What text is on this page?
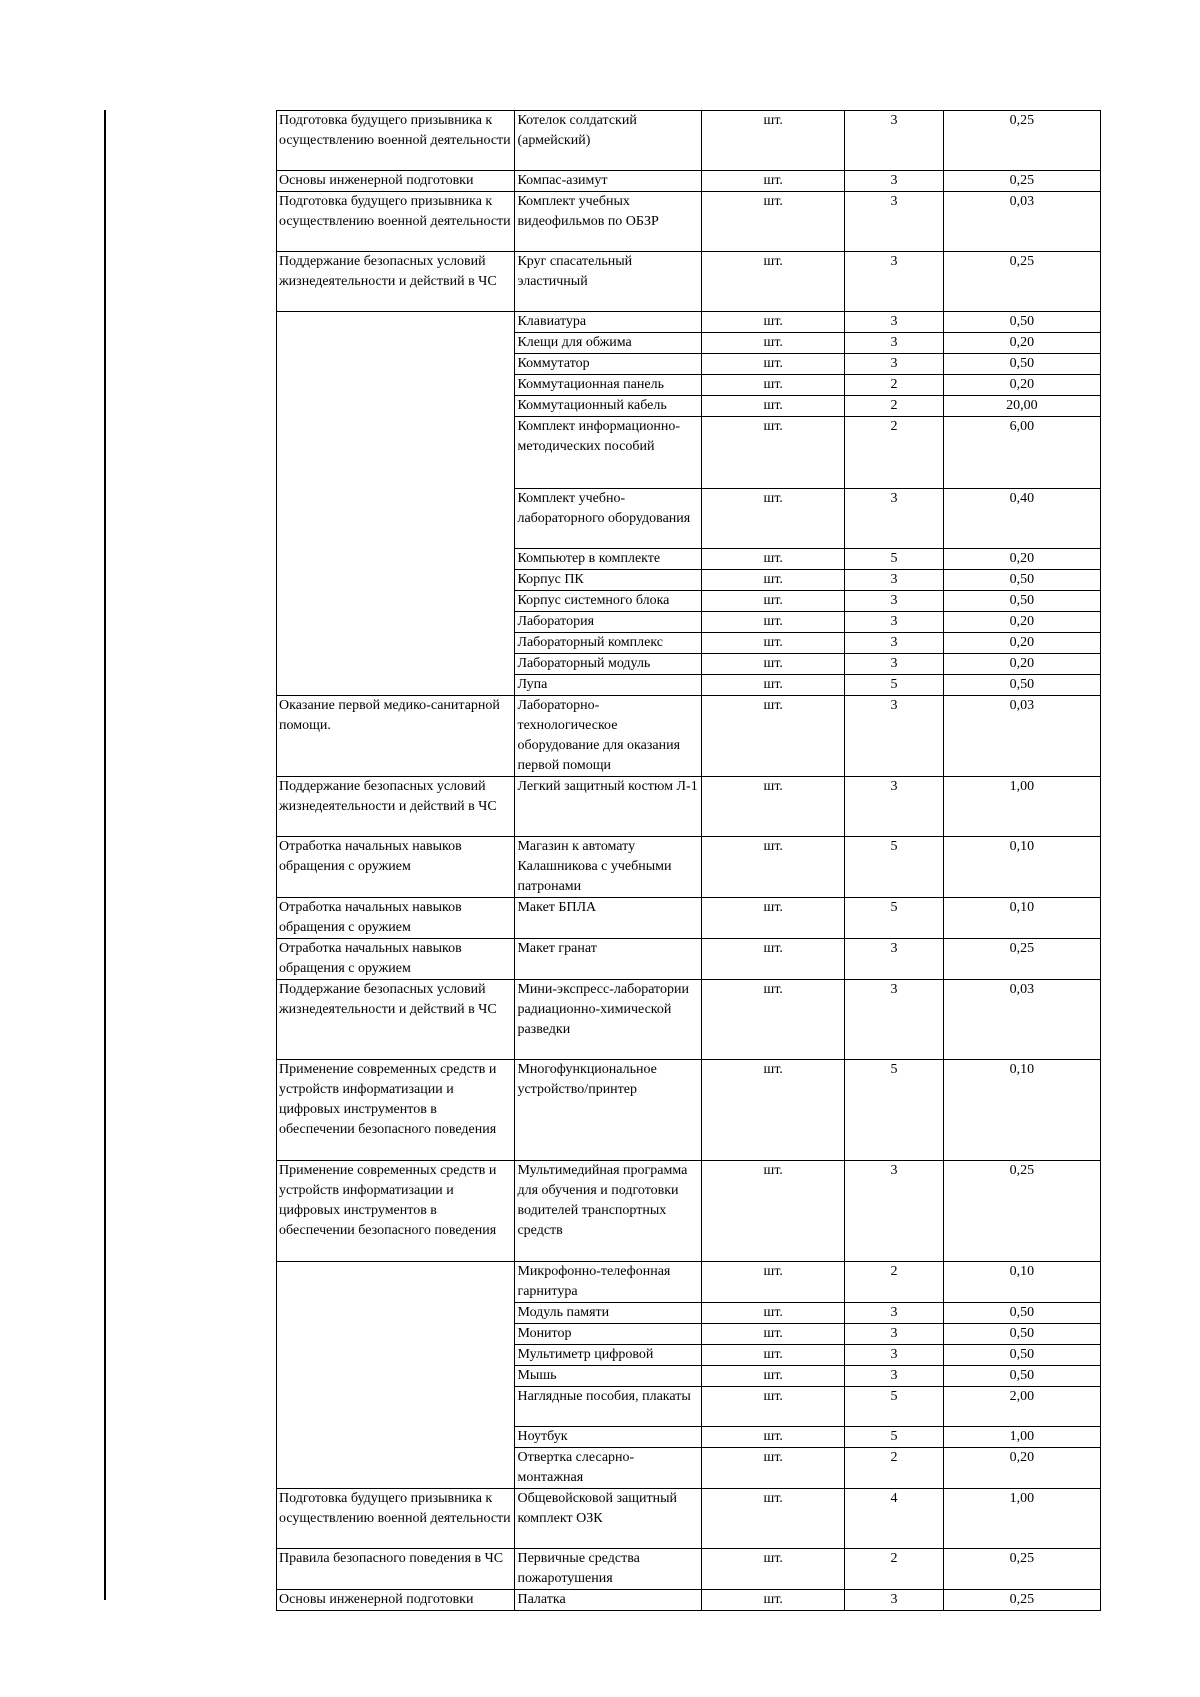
Подготовка будущего призывника к осуществлению военной деятельности	Котелок солдатский (армейский)	шт.	3	0,25
Основы инженерной подготовки	Компас-азимут	шт.	3	0,25
Подготовка будущего призывника к осуществлению военной деятельности	Комплект учебных видеофильмов по ОБЗР	шт.	3	0,03
Поддержание безопасных условий жизнедеятельности и действий в ЧС	Круг спасательный эластичный	шт.	3	0,25
	Клавиатура	шт.	3	0,50
	Клещи для обжима	шт.	3	0,20
	Коммутатор	шт.	3	0,50
	Коммутационная панель	шт.	2	0,20
	Коммутационный кабель	шт.	2	20,00
	Комплект информационно-методических пособий	шт.	2	6,00
	Комплект учебно-лабораторного оборудования	шт.	3	0,40
	Компьютер в комплекте	шт.	5	0,20
	Корпус ПК	шт.	3	0,50
	Корпус системного блока	шт.	3	0,50
	Лаборатория	шт.	3	0,20
	Лабораторный комплекс	шт.	3	0,20
	Лабораторный модуль	шт.	3	0,20
	Лупа	шт.	5	0,50
Оказание первой медико-санитарной помощи.	Лабораторно-технологическое оборудование для оказания первой помощи	шт.	3	0,03
Поддержание безопасных условий жизнедеятельности и действий в ЧС	Легкий защитный костюм Л-1	шт.	3	1,00
Отработка начальных навыков обращения с оружием	Магазин к автомату Калашникова с учебными патронами	шт.	5	0,10
Отработка начальных навыков обращения с оружием	Макет БПЛА	шт.	5	0,10
Отработка начальных навыков обращения с оружием	Макет гранат	шт.	3	0,25
Поддержание безопасных условий жизнедеятельности и действий в ЧС	Мини-экспресс-лаборатории радиационно-химической разведки	шт.	3	0,03
Применение современных средств и устройств информатизации и цифровых инструментов в обеспечении безопасного поведения	Многофункциональное устройство/принтер	шт.	5	0,10
Применение современных средств и устройств информатизации и цифровых инструментов в обеспечении безопасного поведения	Мультимедийная программа для обучения и подготовки водителей транспортных средств	шт.	3	0,25
	Микрофонно-телефонная гарнитура	шт.	2	0,10
	Модуль памяти	шт.	3	0,50
	Монитор	шт.	3	0,50
	Мультиметр цифровой	шт.	3	0,50
	Мышь	шт.	3	0,50
	Наглядные пособия, плакаты	шт.	5	2,00
	Ноутбук	шт.	5	1,00
	Отвертка слесарно-монтажная	шт.	2	0,20
Подготовка будущего призывника к осуществлению военной деятельности	Общевойсковой защитный комплект ОЗК	шт.	4	1,00
Правила безопасного поведения в ЧС	Первичные средства пожаротушения	шт.	2	0,25
Основы инженерной подготовки	Палатка	шт.	3	0,25
